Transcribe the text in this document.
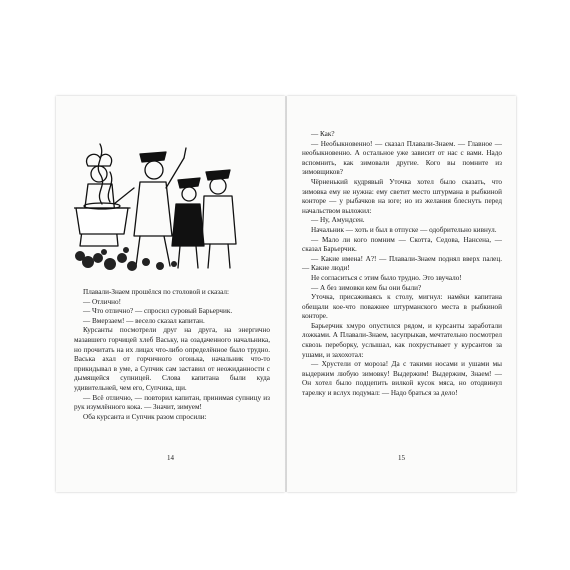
Плавали-Знаем прошёлся по столовой и сказал:

— Отлично!

— Что отлично? — спросил суровый Барьерчик.

— Вмерзаем! — весело сказал капитан.

Курсанты посмотрели друг на друга, на энергично мазавшего горчицей хлеб Ваську, на озадаченного начальника, но прочитать на их лицах что-либо определённое было трудно. Васька ахал от горчичного огонька, начальник что-то прикидывал в уме, а Супчик сам заставил от неожиданности с дымящейся супницей. Слова капитана были куда удивительней, чем его, Супчика, щи.

— Всё отлично, — повторил капитан, принимая супницу из рук изумлённого кока. — Значит, зимуем!

Оба курсанта и Супчик разом спросили:

14

— Как?

— Необыкновенно! — сказал Плавали-Знаем. — Главное — необыкновенно. А остальное уже зависит от нас с вами. Надо вспомнить, как зимовали другие. Кого вы помните из зимовщиков?

Чёрненький кудрявый Уточка хотел было сказать, что зимовка ему не нужна: ему светит место штурмана в рыбкиной конторе — у рыбачков на юге; но из желания блеснуть перед начальством выложил:

— Ну, Амундсен.

Начальник — хоть и был в отпуске — одобрительно кивнул.

— Мало ли кого помним — Скотта, Седова, Нансена, — сказал Барьерчик.

— Какие имена! А?! — Плавали-Знаем поднял вверх палец. — Какие люди!

Не согласиться с этим было трудно. Это звучало!

— А без зимовки кем бы они были?

Уточка, присаживаясь к столу, мигнул: намёки капитана обещали кое-что поважнее штурманского места в рыбкиной конторе.

Барьерчик хмуро опустился рядом, и курсанты заработали ложками. А Плавали-Знаем, засупрыкав, мечтательно посмотрел сквозь переборку, услышал, как похрустывает у курсантов за ушами, и захохотал:

— Хрустели от мороза! Да с такими носами и ушами мы выдержим любую зимовку! Выдержим! Выдержим, Знаем! — Он хотел было подцепить вилкой кусок мяса, но отодвинул тарелку и вслух подумал: — Надо браться за дело!

15
